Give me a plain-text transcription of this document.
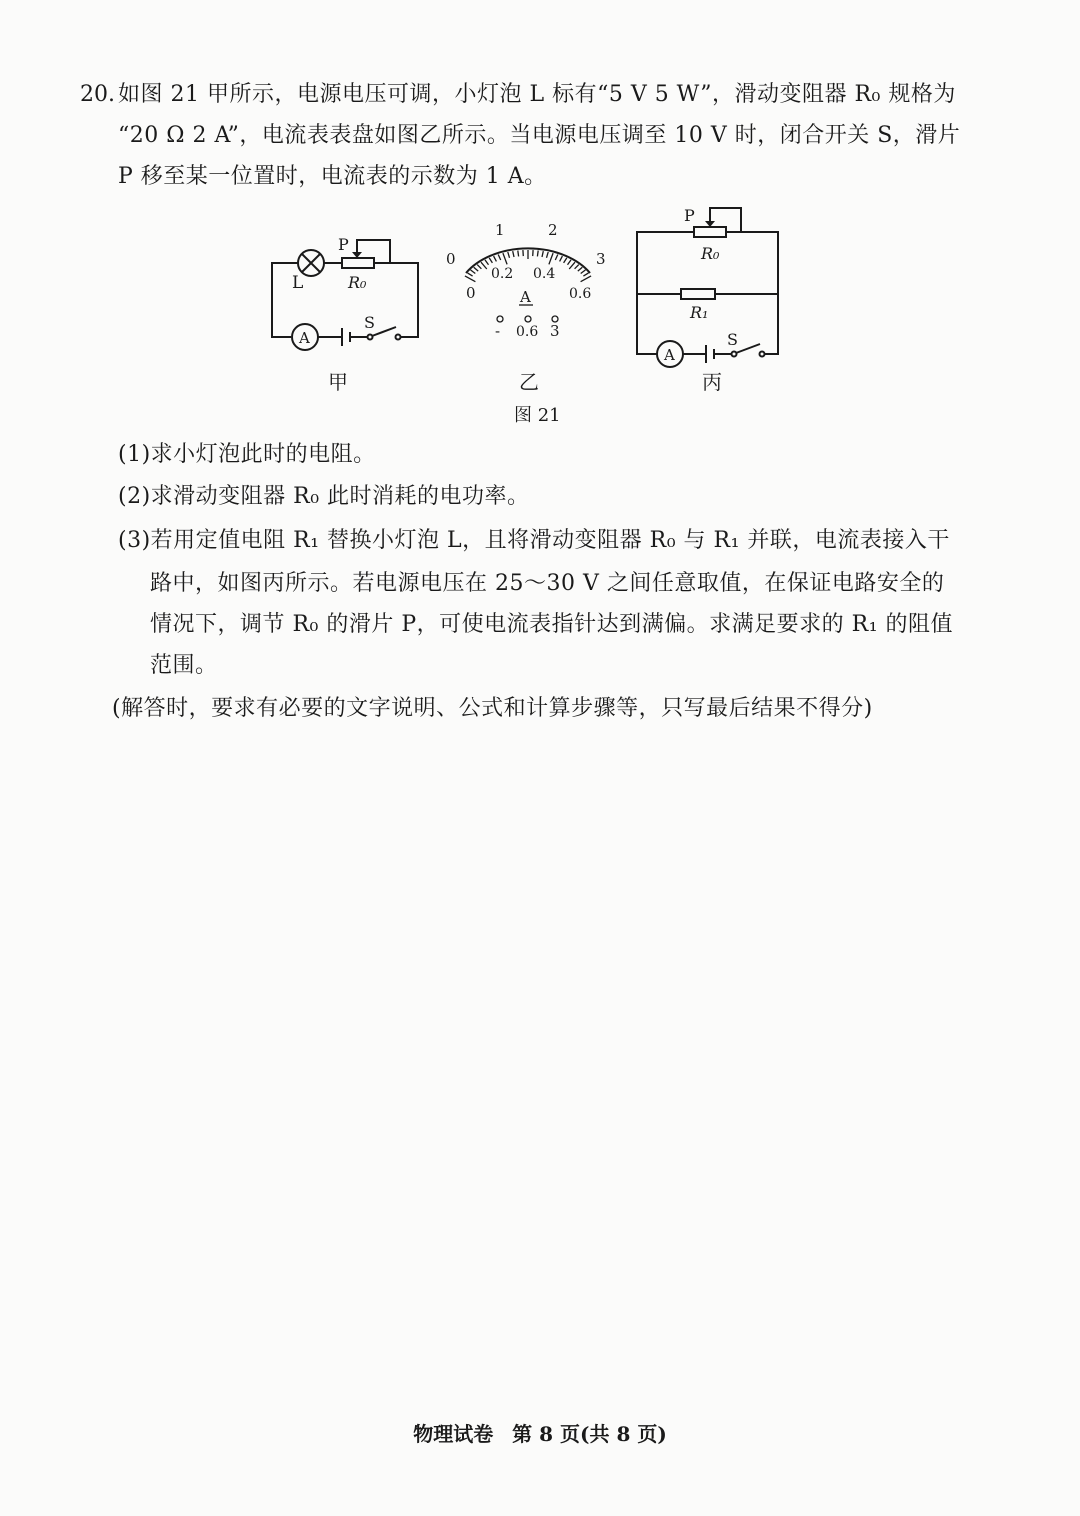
20. 如图 21 甲所示，电源电压可调，小灯泡 L 标有“5 V 5 W”，滑动变阻器 R₀ 规格为
“20 Ω 2 A”，电流表表盘如图乙所示。当电源电压调至 10 V 时，闭合开关 S，滑片
P 移至某一位置时，电流表的示数为 1 A。
L
P
R₀
A
S
甲
0
1	2
3
0
0.2 0.4
0.6
A
- 0.6 3
乙
P
R₀
R₁
A
S
丙
图 21
(1)求小灯泡此时的电阻。
(2)求滑动变阻器 R₀ 此时消耗的电功率。
(3)若用定值电阻 R₁ 替换小灯泡 L，且将滑动变阻器 R₀ 与 R₁ 并联，电流表接入干
路中，如图丙所示。若电源电压在 25～30 V 之间任意取值，在保证电路安全的
情况下，调节 R₀ 的滑片 P，可使电流表指针达到满偏。求满足要求的 R₁ 的阻值
范围。
(解答时，要求有必要的文字说明、公式和计算步骤等，只写最后结果不得分)
物理试卷 第 8 页(共 8 页)
